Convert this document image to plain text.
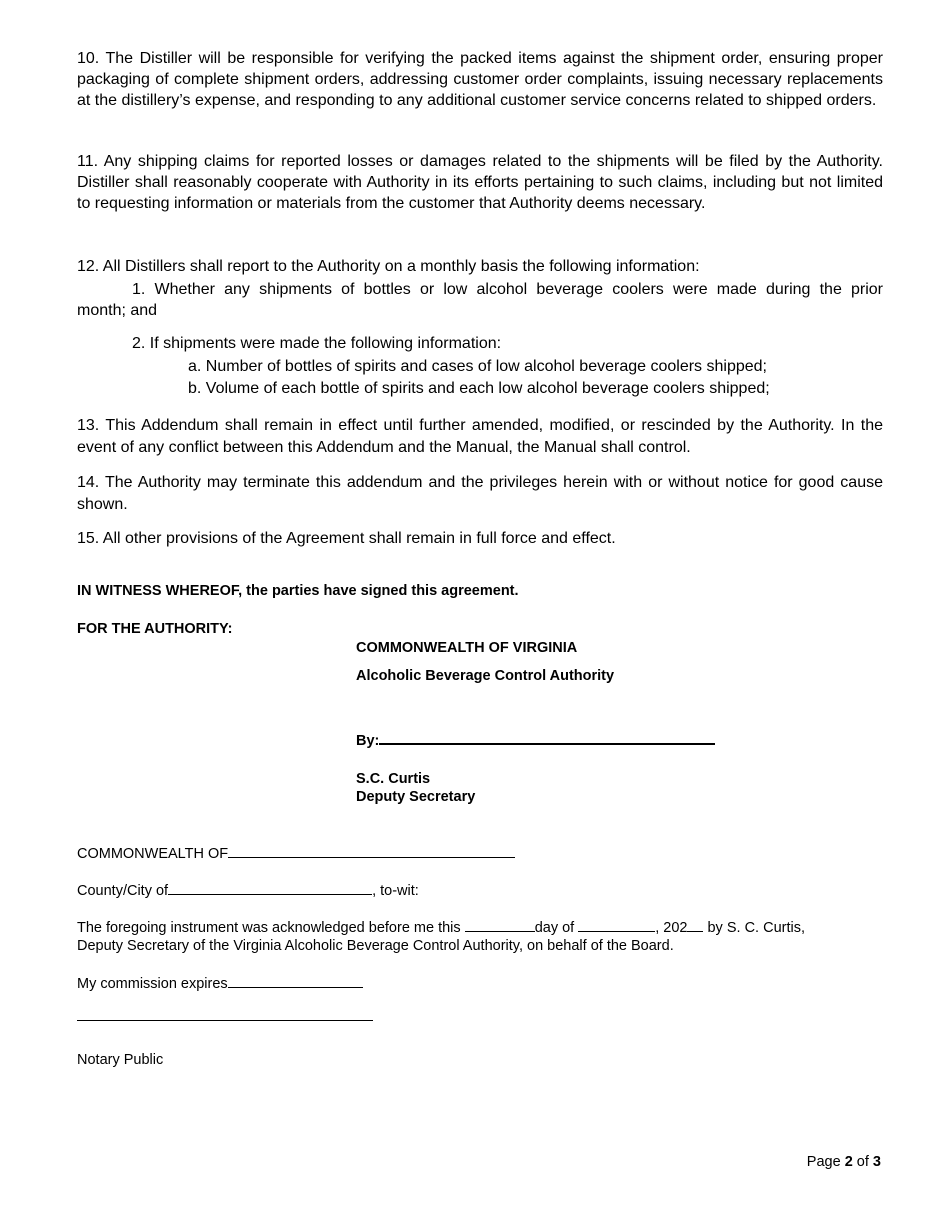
10. The Distiller will be responsible for verifying the packed items against the shipment order, ensuring proper packaging of complete shipment orders, addressing customer order complaints, issuing necessary replacements at the distillery’s expense, and responding to any additional customer service concerns related to shipped orders.

11. Any shipping claims for reported losses or damages related to the shipments will be filed by the Authority. Distiller shall reasonably cooperate with Authority in its efforts pertaining to such claims, including but not limited to requesting information or materials from the customer that Authority deems necessary.

12. All Distillers shall report to the Authority on a monthly basis the following information:

1. Whether any shipments of bottles or low alcohol beverage coolers were made during the prior
month; and
2. If shipments were made the following information:
a. Number of bottles of spirits and cases of low alcohol beverage coolers shipped;
b. Volume of each bottle of spirits and each low alcohol beverage coolers shipped;

13. This Addendum shall remain in effect until further amended, modified, or rescinded by the Authority. In the event of any conflict between this Addendum and the Manual, the Manual shall control.

14. The Authority may terminate this addendum and the privileges herein with or without notice for good cause shown.

15. All other provisions of the Agreement shall remain in full force and effect.

IN WITNESS WHEREOF, the parties have signed this agreement.
FOR THE AUTHORITY:
COMMONWEALTH OF VIRGINIA
Alcoholic Beverage Control Authority
By:
S.C. Curtis
Deputy Secretary
COMMONWEALTH OF
County/City of	, to-wit:
The foregoing instrument was acknowledged before me this	day of	, 202 by S. C. Curtis,
Deputy Secretary of the Virginia Alcoholic Beverage Control Authority, on behalf of the Board.
My commission expires
Notary Public
Page 2 of 3
